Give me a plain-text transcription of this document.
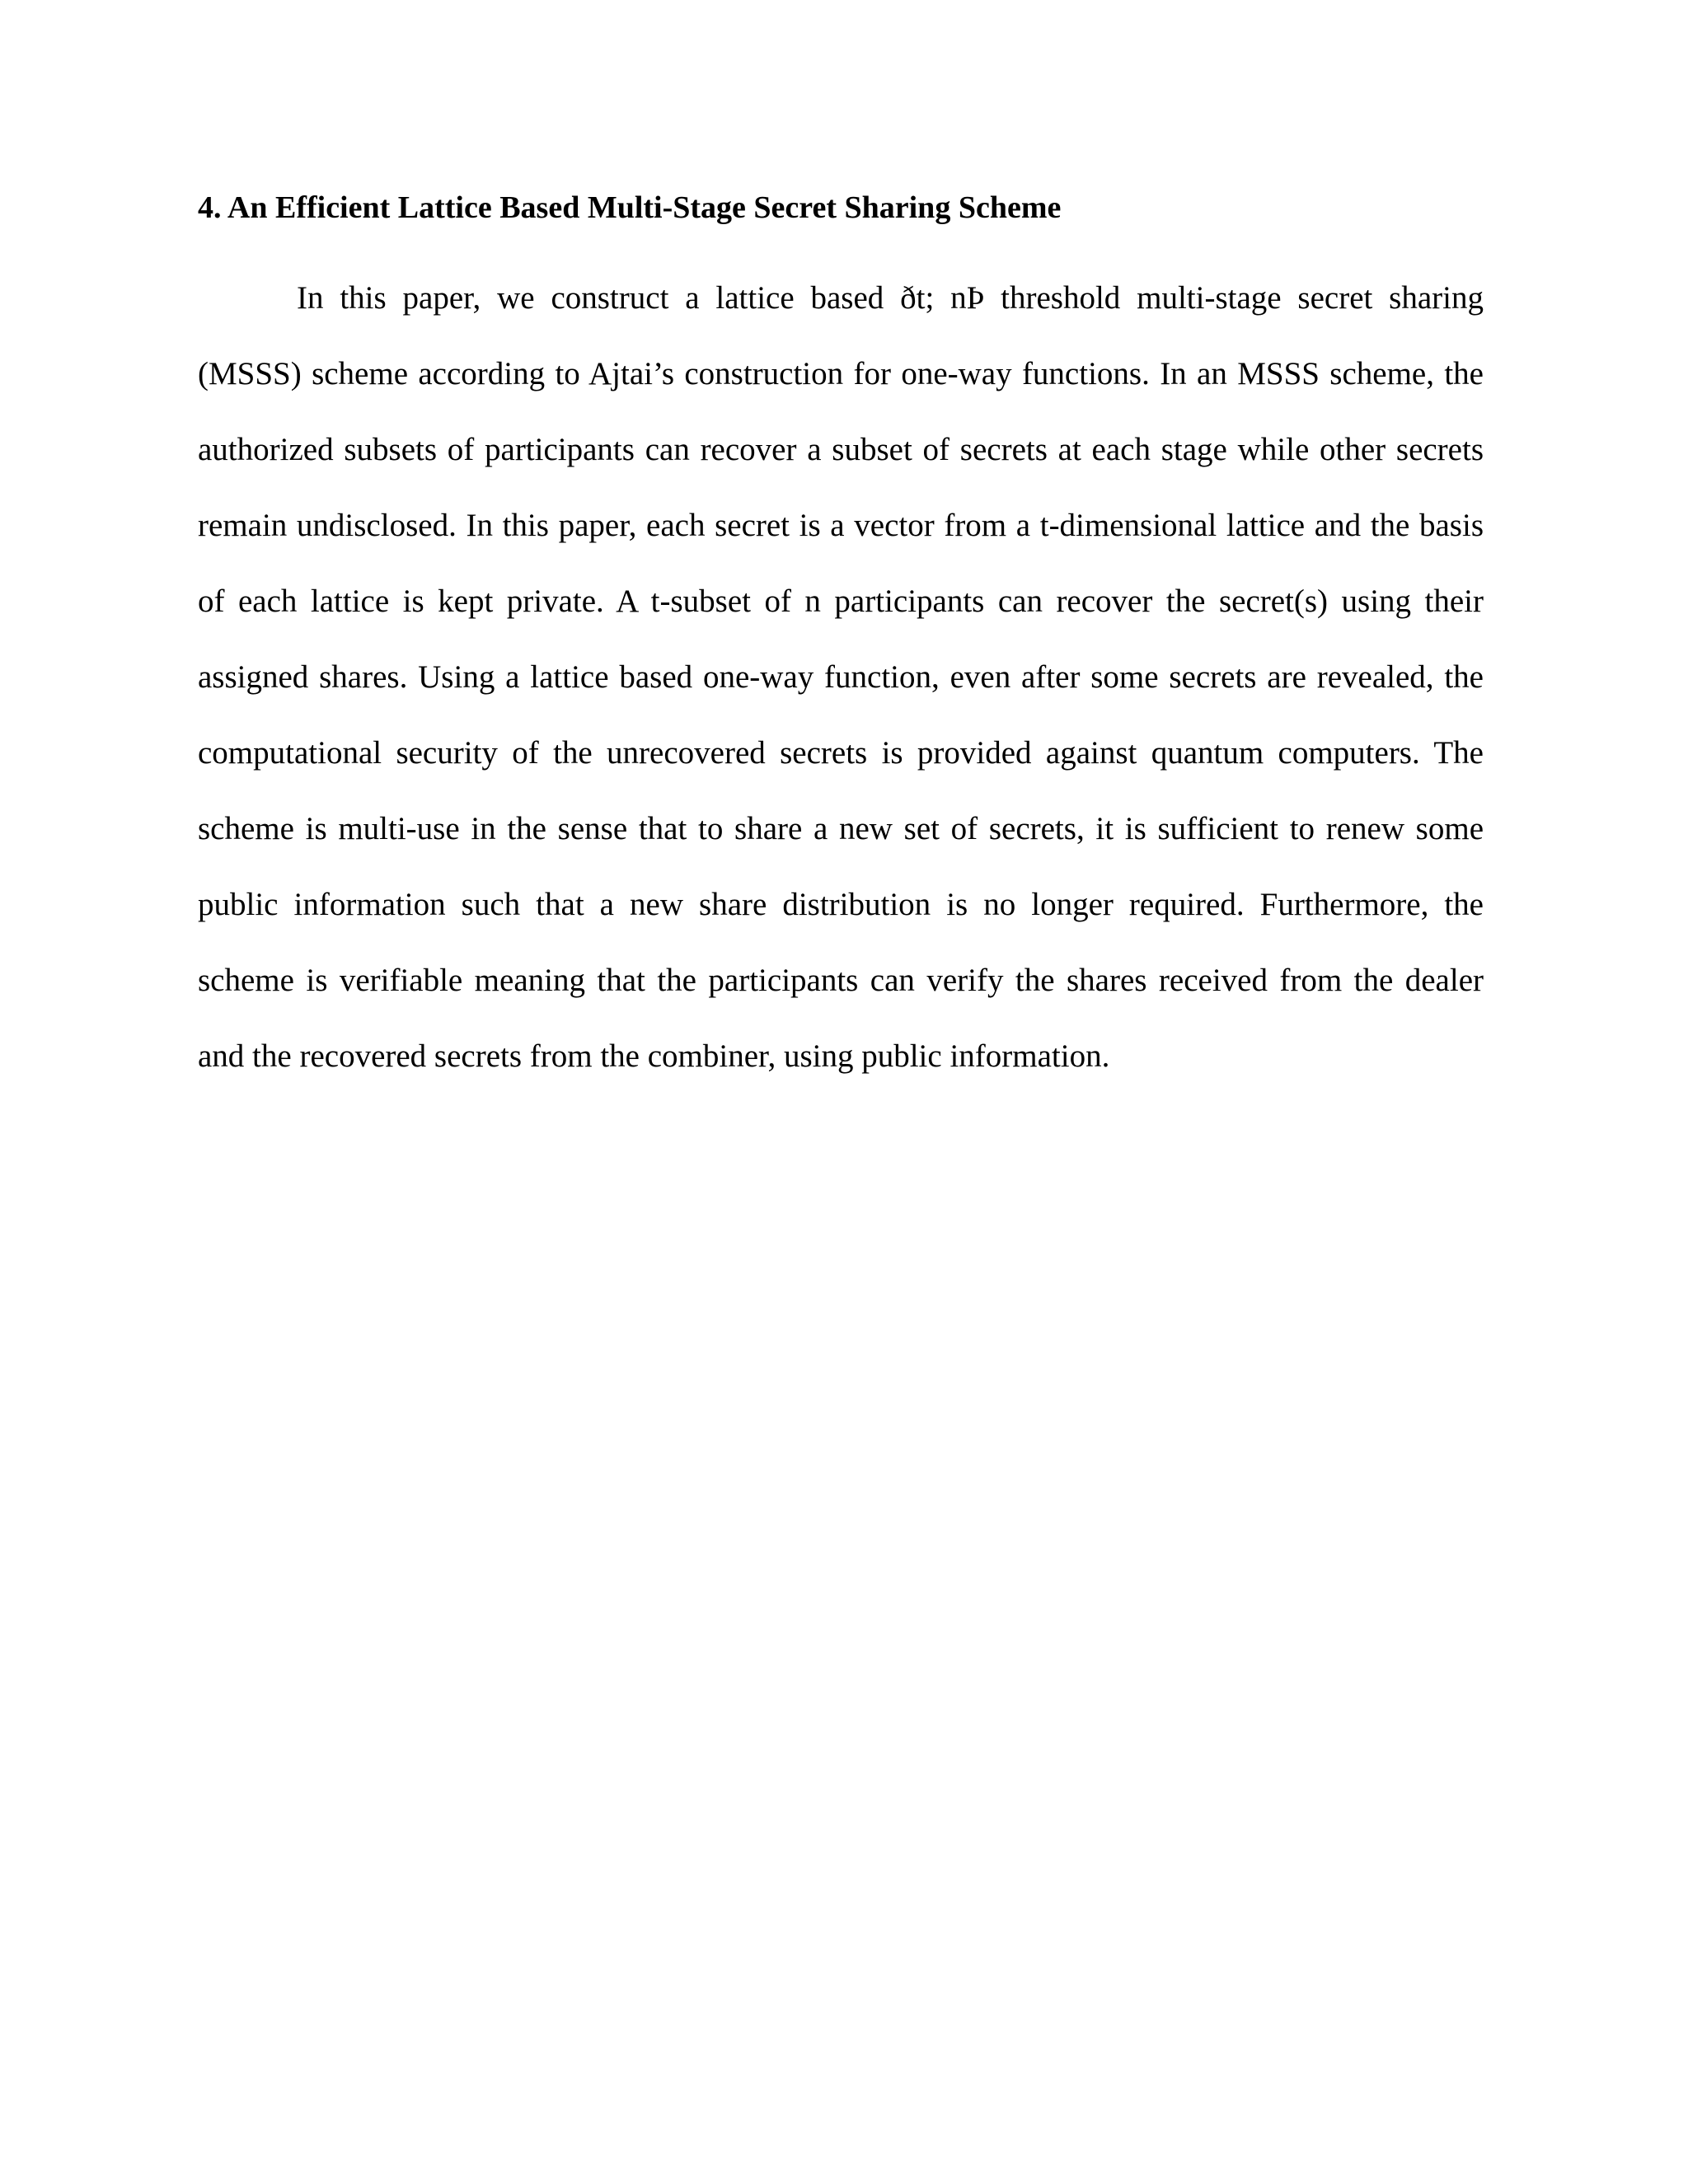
4. An Efficient Lattice Based Multi-Stage Secret Sharing Scheme

In this paper, we construct a lattice based ðt; nÞ threshold multi-stage secret sharing (MSSS) scheme according to Ajtai’s construction for one-way functions. In an MSSS scheme, the authorized subsets of participants can recover a subset of secrets at each stage while other secrets remain undisclosed. In this paper, each secret is a vector from a t-dimensional lattice and the basis of each lattice is kept private. A t-subset of n participants can recover the secret(s) using their assigned shares. Using a lattice based one-way function, even after some secrets are revealed, the computational security of the unrecovered secrets is provided against quantum computers. The scheme is multi-use in the sense that to share a new set of secrets, it is sufficient to renew some public information such that a new share distribution is no longer required. Furthermore, the scheme is verifiable meaning that the participants can verify the shares received from the dealer and the recovered secrets from the combiner, using public information.
